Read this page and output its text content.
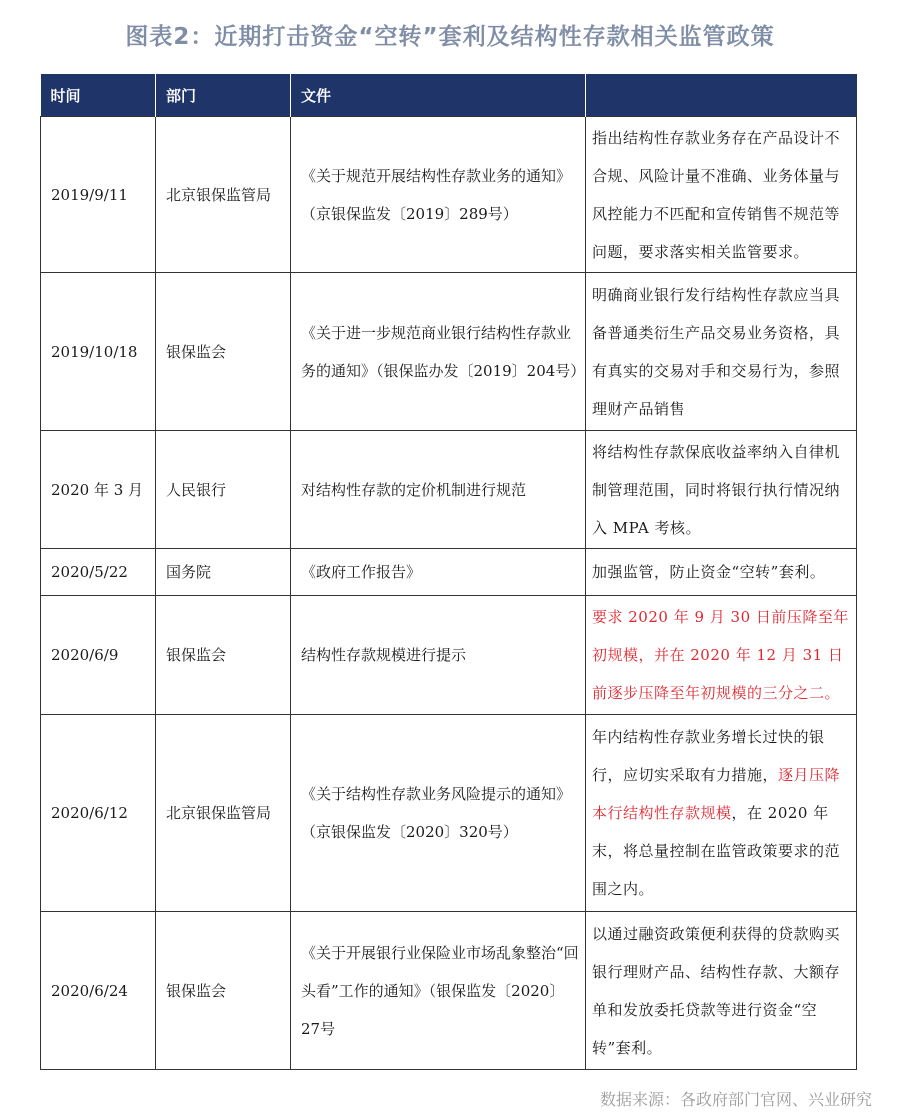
图表2：近期打击资金“空转”套利及结构性存款相关监管政策
时间	部门	文件	
2019/9/11	北京银保监管局	《关于规范开展结构性存款业务的通知》（京银保监发〔2019〕289号）	指出结构性存款业务存在产品设计不合规、风险计量不准确、业务体量与风控能力不匹配和宣传销售不规范等问题，要求落实相关监管要求。
2019/10/18	银保监会	《关于进一步规范商业银行结构性存款业务的通知》（银保监办发〔2019〕204号）	明确商业银行发行结构性存款应当具备普通类衍生产品交易业务资格，具有真实的交易对手和交易行为，参照理财产品销售
2020 年 3 月	人民银行	对结构性存款的定价机制进行规范	将结构性存款保底收益率纳入自律机制管理范围，同时将银行执行情况纳入 MPA 考核。
2020/5/22	国务院	《政府工作报告》	加强监管，防止资金“空转”套利。
2020/6/9	银保监会	结构性存款规模进行提示	要求 2020 年 9 月 30 日前压降至年初规模，并在 2020 年 12 月 31 日前逐步压降至年初规模的三分之二。
2020/6/12	北京银保监管局	《关于结构性存款业务风险提示的通知》（京银保监发〔2020〕320号）	年内结构性存款业务增长过快的银行，应切实采取有力措施，逐月压降本行结构性存款规模，在 2020 年末，将总量控制在监管政策要求的范围之内。
2020/6/24	银保监会	《关于开展银行业保险业市场乱象整治“回头看”工作的通知》（银保监发〔2020〕27号	以通过融资政策便利获得的贷款购买银行理财产品、结构性存款、大额存单和发放委托贷款等进行资金“空转”套利。
数据来源：各政府部门官网、兴业研究
